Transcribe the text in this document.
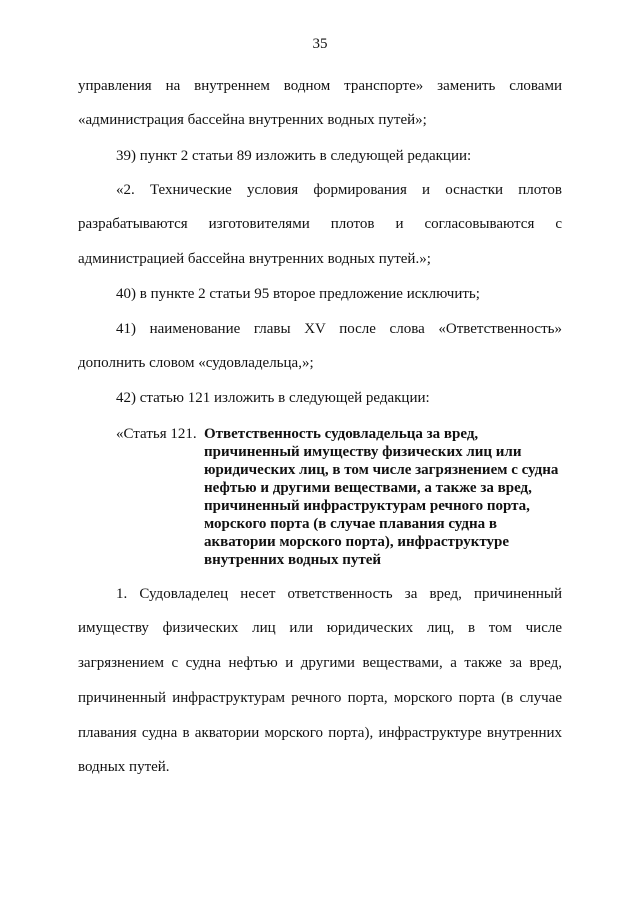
35
управления на внутреннем водном транспорте» заменить словами
«администрация бассейна внутренних водных путей»;
39) пункт 2 статьи 89 изложить в следующей редакции:
«2. Технические условия формирования и оснастки плотов
разрабатываются изготовителями плотов и согласовываются с
администрацией бассейна внутренних водных путей.»;
40) в пункте 2 статьи 95 второе предложение исключить;
41) наименование главы XV после слова «Ответственность»
дополнить словом «судовладельца,»;
42) статью 121 изложить в следующей редакции:
«Статья 121. Ответственность судовладельца за вред,
причиненный имуществу физических лиц или
юридических лиц, в том числе загрязнением с судна
нефтью и другими веществами, а также за вред,
причиненный инфраструктурам речного порта,
морского порта (в случае плавания судна в
акватории морского порта), инфраструктуре
внутренних водных путей
1. Судовладелец несет ответственность за вред, причиненный
имуществу физических лиц или юридических лиц, в том числе
загрязнением с судна нефтью и другими веществами, а также за вред,
причиненный инфраструктурам речного порта, морского порта (в случае
плавания судна в акватории морского порта), инфраструктуре внутренних
водных путей.
